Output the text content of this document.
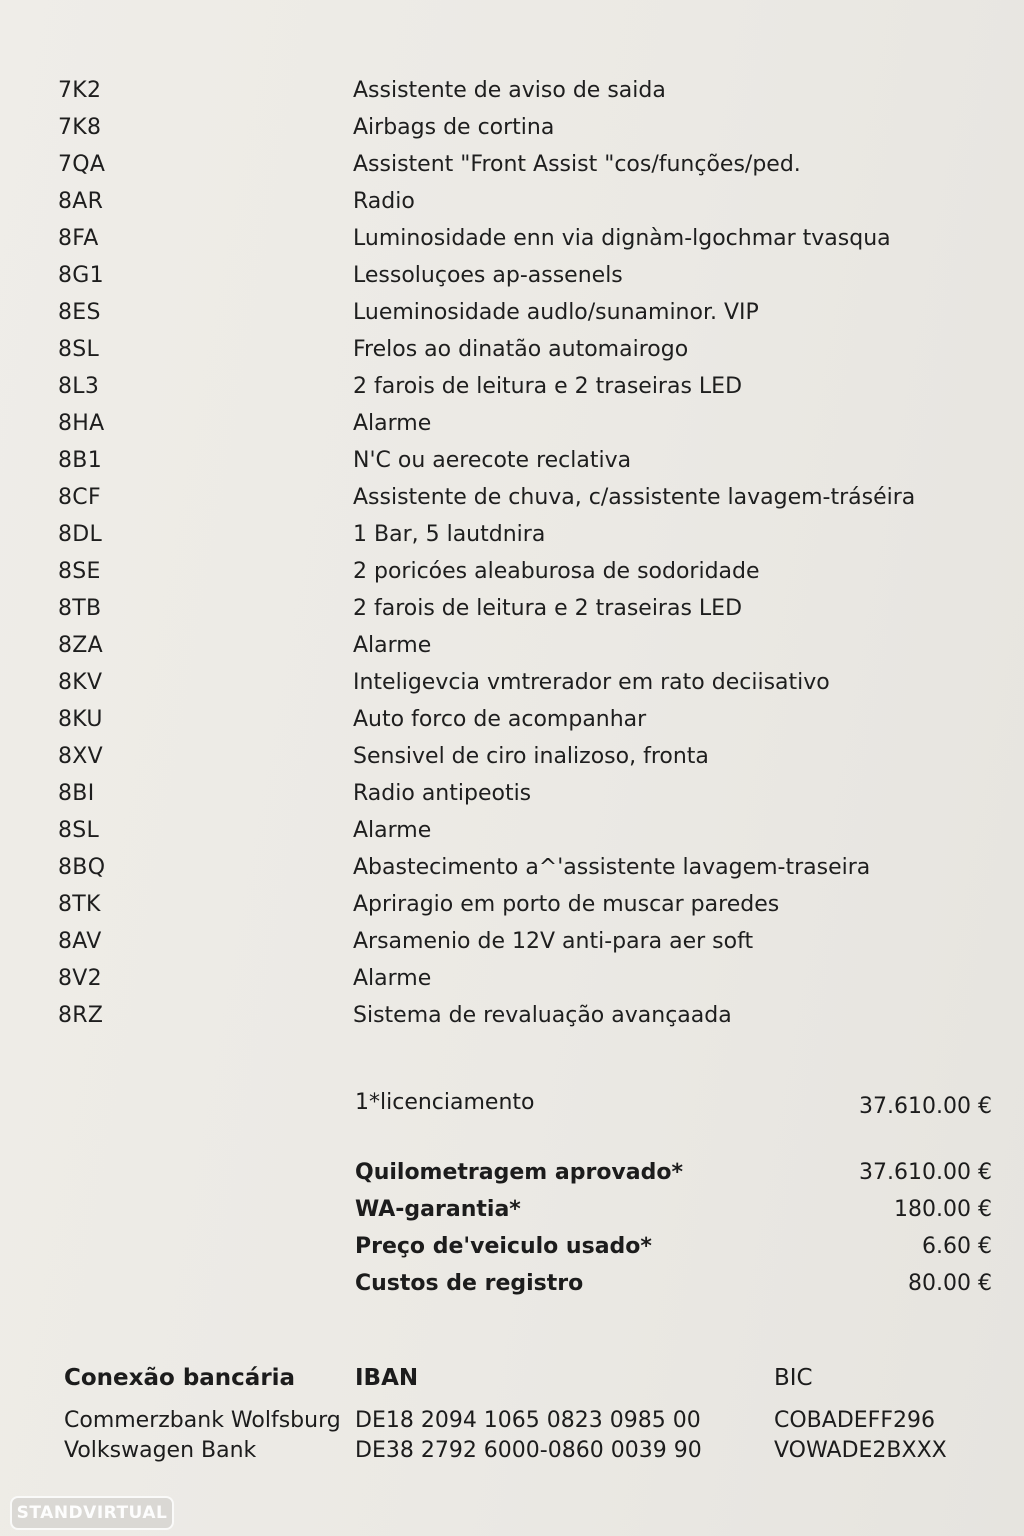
7K2	Assistente de aviso de saida
7K8	Airbags de cortina
7QA	Assistent "Front Assist "cos/funções/ped.
8AR	Radio
8FA	Luminosidade enn via dignàm-lgochmar tvasqua
8G1	Lessoluçoes ap-assenels
8ES	Lueminosidade audlo/sunaminor. VIP
8SL	Frelos ao dinatão automairogo
8L3	2 farois de leitura e 2 traseiras LED
8HA	Alarme
8B1	N'C ou aerecote reclativa
8CF	Assistente de chuva, c/assistente lavagem-tráséira
8DL	1 Bar, 5 lautdnira
8SE	2 poricóes aleaburosa de sodoridade
8TB	2 farois de leitura e 2 traseiras LED
8ZA	Alarme
8KV	Inteligevcia vmtrerador em rato deciisativo
8KU	Auto forco de acompanhar
8XV	Sensivel de ciro inalizoso, fronta
8BI	Radio antipeotis
8SL	Alarme
8BQ	Abastecimento a^'assistente lavagem-traseira
8TK	Apriragio em porto de muscar paredes
8AV	Arsamenio de 12V anti-para aer soft
8V2	Alarme
8RZ	Sistema de revaluação avançaada
1*licenciamento	37.610.00 €
Quilometragem aprovado*	37.610.00 €
WA-garantia*	180.00 €
Preço de'veiculo usado*	6.60 €
Custos de registro	80.00 €
Conexão bancária	IBAN	BIC
Commerzbank Wolfsburg DE18 2094 1065 0823 0985 00	COBADEFF296
Volkswagen Bank	DE38 2792 6000-0860 0039 90	VOWADE2BXXX
STANDVIRTUAL
